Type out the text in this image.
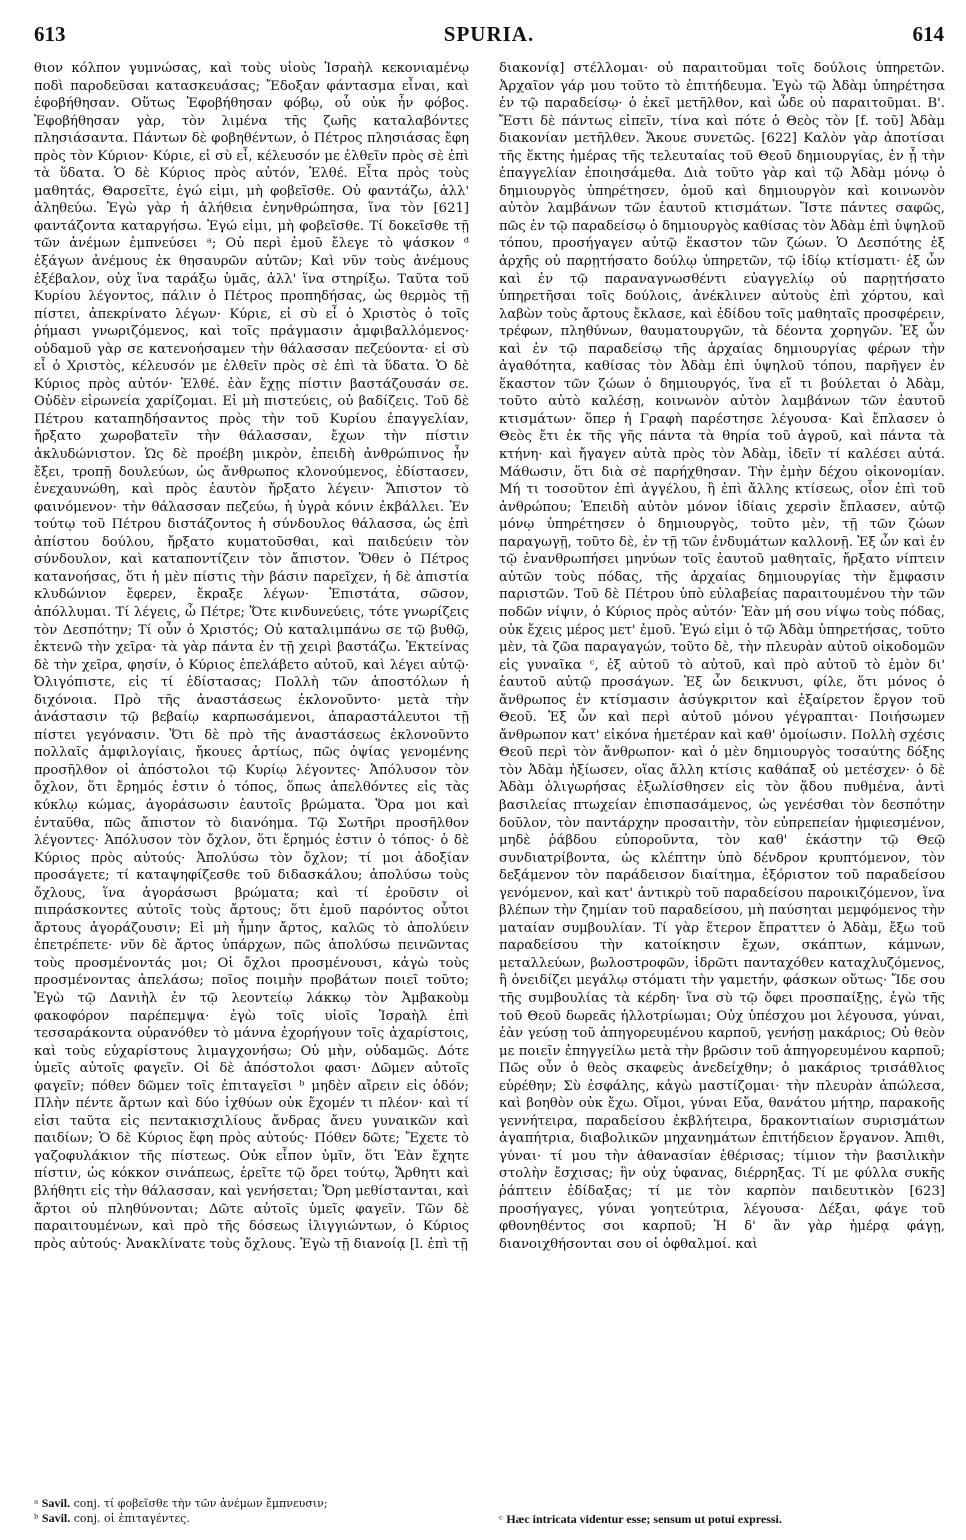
613	SPURIA.	614

θιον κόλπον γυμνώσας, καὶ τοὺς υἱοὺς Ἰσραὴλ κεκονιαμένῳ ποδὶ παροδεῦσαι κατασκευάσας; Ἔδοξαν φάντασμα εἶναι, καὶ ἐφοβήθησαν. Οὕτως Ἐφοβήθησαν φόβῳ, οὗ οὐκ ἦν φόβος. Ἐφοβήθησαν γὰρ, τὸν λιμένα τῆς ζωῆς καταλαβόντες πλησιάσαντα. Πάντων δὲ φοβηθέντων, ὁ Πέτρος πλησιάσας ἔφη πρὸς τὸν Κύριον· Κύριε, εἰ σὺ εἶ, κέλευσόν με ἐλθεῖν πρὸς σὲ ἐπὶ τὰ ὕδατα. Ὁ δὲ Κύριος πρὸς αὐτόν, Ἐλθέ. Εἶτα πρὸς τοὺς μαθητάς, Θαρσεῖτε, ἐγώ εἰμι, μὴ φοβεῖσθε. Οὐ φαντάζω, ἀλλ' ἀληθεύω. Ἐγὼ γὰρ ἡ ἀλήθεια ἐνηνθρώπησα, ἵνα τὸν [621] φαντάζοντα καταργήσω. Ἐγώ εἰμι, μὴ φοβεῖσθε. Τί δοκεῖσθε τῇ τῶν ἀνέμων ἐμπνεύσει ᵃ; Οὐ περὶ ἐμοῦ ἔλεγε τὸ ψάσκον ᵈ ἐξάγων ἀνέμους ἐκ θησαυρῶν αὐτῶν; Καὶ νῦν τοὺς ἀνέμους ἐξέβαλον, οὐχ ἵνα ταράξω ὑμᾶς, ἀλλ' ἵνα στηρίξω. Ταῦτα τοῦ Κυρίου λέγοντος, πάλιν ὁ Πέτρος προπηδήσας, ὡς θερμὸς τῇ πίστει, ἀπεκρίνατο λέγων· Κύριε, εἰ σὺ εἶ ὁ Χριστὸς ὁ τοῖς ῥήμασι γνωριζόμενος, καὶ τοῖς πράγμασιν ἀμφιβαλλόμενος· οὐδαμοῦ γὰρ σε κατενοήσαμεν τὴν θάλασσαν πεζεύοντα· εἰ σὺ εἶ ὁ Χριστὸς, κέλευσόν με ἐλθεῖν πρὸς σὲ ἐπὶ τὰ ὕδατα. Ὁ δὲ Κύριος πρὸς αὐτόν· Ἐλθέ. ἐὰν ἔχῃς πίστιν βαστάζουσάν σε. Οὐδὲν εἰρωνεία χαρίζομαι. Εἰ μὴ πιστεύεις, οὐ βαδίζεις. Τοῦ δὲ Πέτρου καταπηδήσαντος πρὸς τὴν τοῦ Κυρίου ἐπαγγελίαν, ἤρξατο χωροβατεῖν τὴν θάλασσαν, ἔχων τὴν πίστιν ἀκλυδώνιστον. Ὡς δὲ προέβη μικρὸν, ἐπειδὴ ἀνθρώπινος ἦν ἔξει, τροπῇ δουλεύων, ὡς ἄνθρωπος κλονούμενος, ἐδίστασεν, ἐνεχαυνώθη, καὶ πρὸς ἑαυτὸν ἤρξατο λέγειν· Ἄπιστον τὸ φαινόμενον· τὴν θάλασσαν πεζεύω, ἡ ὑγρὰ κόνιν ἐκβάλλει. Ἐν τούτῳ τοῦ Πέτρου διστάζοντος ἡ σύνδουλος θάλασσα, ὡς ἐπὶ ἀπίστου δούλου, ἤρξατο κυματοῦσθαι, καὶ παιδεύειν τὸν σύνδουλον, καὶ καταποντίζειν τὸν ἄπιστον. Ὅθεν ὁ Πέτρος κατανοήσας, ὅτι ἡ μὲν πίστις τὴν βάσιν παρεῖχεν, ἡ δὲ ἀπιστία κλυδώνιον ἔφερεν, ἔκραξε λέγων· Ἐπιστάτα, σῶσον, ἀπόλλυμαι. Τί λέγεις, ὦ Πέτρε; Ὅτε κινδυνεύεις, τότε γνωρίζεις τὸν Δεσπότην; Τί οὖν ὁ Χριστός; Οὐ καταλιμπάνω σε τῷ βυθῷ, ἐκτενῶ τὴν χεῖρα· τὰ γὰρ πάντα ἐν τῇ χειρὶ βαστάζω. Ἐκτείνας δὲ τὴν χεῖρα, φησίν, ὁ Κύριος ἐπελάβετο αὐτοῦ, καὶ λέγει αὐτῷ· Ὀλιγόπιστε, εἰς τί ἐδίστασας; Πολλὴ τῶν ἀποστόλων ἡ διχόνοια. Πρὸ τῆς ἀναστάσεως ἐκλονοῦντο· μετὰ τὴν ἀνάστασιν τῷ βεβαίῳ καρπωσάμενοι, ἀπαραστάλευτοι τῇ πίστει γεγόνασιν. Ὅτι δὲ πρὸ τῆς ἀναστάσεως ἐκλονοῦντο πολλαῖς ἀμφιλογίαις, ἤκουες ἀρτίως, πῶς ὀψίας γενομένης προσῆλθον οἱ ἀπόστολοι τῷ Κυρίῳ λέγοντες· Ἀπόλυσον τὸν ὄχλον, ὅτι ἔρημός ἐστιν ὁ τόπος, ὅπως ἀπελθόντες εἰς τὰς κύκλῳ κώμας, ἀγοράσωσιν ἑαυτοῖς βρώματα. Ὅρα μοι καὶ ἐνταῦθα, πῶς ἄπιστον τὸ διανόημα. Τῷ Σωτῆρι προσῆλθον λέγοντες· Ἀπόλυσον τὸν ὄχλον, ὅτι ἔρημός ἐστιν ὁ τόπος· ὁ δὲ Κύριος πρὸς αὐτούς· Ἀπολύσω τὸν ὄχλον; τί μοι ἀδοξίαν προσάγετε; τί καταψηφίζεσθε τοῦ διδασκάλου; ἀπολύσω τοὺς ὄχλους, ἵνα ἀγοράσωσι βρώματα; καὶ τί ἐροῦσιν οἱ πιπράσκοντες αὐτοῖς τοὺς ἄρτους; ὅτι ἐμοῦ παρόντος οὗτοι ἄρτους ἀγοράζουσιν; Εἰ μὴ ἦμην ἄρτος, καλῶς τὸ ἀπολύειν ἐπετρέπετε· νῦν δὲ ἄρτος ὑπάρχων, πῶς ἀπολύσω πεινῶντας τοὺς προσμένοντάς μοι; Οἱ ὄχλοι προσμένουσι, κἀγὼ τοὺς προσμένοντας ἀπελάσω; ποῖος ποιμὴν προβάτων ποιεῖ τοῦτο; Ἐγὼ τῷ Δανιὴλ ἐν τῷ λεοντείῳ λάκκῳ τὸν Ἀμβακοὺμ φακοφόρον παρέπεμψα· ἐγὼ τοῖς υἱοῖς Ἰσραὴλ ἐπὶ τεσσαράκοντα οὐρανόθεν τὸ μάννα ἐχορήγουν τοῖς ἀχαρίστοις, καὶ τοὺς εὐχαρίστους λιμαγχονήσω; Οὐ μὴν, οὐδαμῶς. Δότε ὑμεῖς αὐτοῖς φαγεῖν. Οἱ δὲ ἀπόστολοι φασι· Δῶμεν αὐτοῖς φαγεῖν; πόθεν δῶμεν τοῖς ἐπιταγεῖσι ᵇ μηδὲν αἴρειν εἰς ὁδόν; Πλὴν πέντε ἄρτων καὶ δύο ἰχθύων οὐκ ἔχομέν τι πλέον· καὶ τί εἰσι ταῦτα εἰς πεντακισχιλίους ἄνδρας ἄνευ γυναικῶν καὶ παιδίων; Ὁ δὲ Κύριος ἔφη πρὸς αὐτούς· Πόθεν δῶτε; Ἔχετε τὸ γαζοφυλάκιον τῆς πίστεως. Οὐκ εἶπον ὑμῖν, ὅτι Ἐὰν ἔχητε πίστιν, ὡς κόκκον σινάπεως, ἐρεῖτε τῷ ὄρει τούτῳ, Ἄρθητι καὶ βλήθητι εἰς τὴν θάλασσαν, καὶ γενήσεται; Ὅρη μεθίστανται, καὶ ἄρτοι οὐ πληθύνονται; Δῶτε αὐτοῖς ὑμεῖς φαγεῖν. Τῶν δὲ παραιτουμένων, καὶ πρὸ τῆς δόσεως ἰλιγγιώντων, ὁ Κύριος πρὸς αὐτούς· Ἀνακλίνατε τοὺς ὄχλους. Ἐγὼ τῇ διανοίᾳ [l. ἐπὶ τῇ

διακονίᾳ] στέλλομαι· οὐ παραιτοῦμαι τοῖς δούλοις ὑπηρετῶν. Ἀρχαῖον γάρ μου τοῦτο τὸ ἐπιτήδευμα. Ἐγὼ τῷ Ἀδὰμ ὑπηρέτησα ἐν τῷ παραδείσῳ· ὁ ἐκεῖ μετῆλθον, καὶ ὧδε οὐ παραιτοῦμαι. Β'. Ἔστι δὲ πάντως εἰπεῖν, τίνα καὶ πότε ὁ Θεὸς τὸν [f. τοῦ] Ἀδὰμ διακονίαν μετῆλθεν. Ἄκουε συνετῶς. [622] Καλὸν γὰρ ἀποτίσαι τῆς ἕκτης ἡμέρας τῆς τελευταίας τοῦ Θεοῦ δημιουργίας, ἐν ᾗ τὴν ἐπαγγελίαν ἐποιησάμεθα. Διὰ τοῦτο γὰρ καὶ τῷ Ἀδὰμ μόνῳ ὁ δημιουργὸς ὑπηρέτησεν, ὁμοῦ καὶ δημιουργὸν καὶ κοινωνὸν αὐτὸν λαμβάνων τῶν ἑαυτοῦ κτισμάτων. Ἴστε πάντες σαφῶς, πῶς ἐν τῷ παραδείσῳ ὁ δημιουργὸς καθίσας τὸν Ἀδὰμ ἐπὶ ὑψηλοῦ τόπου, προσήγαγεν αὐτῷ ἕκαστον τῶν ζώων. Ὁ Δεσπότης ἐξ ἀρχῆς οὐ παρῃτήσατο δούλῳ ὑπηρετῶν, τῷ ἰδίῳ κτίσματι· ἐξ ὧν καὶ ἐν τῷ παραναγνωσθέντι εὐαγγελίῳ οὐ παρῃτήσατο ὑπηρετῆσαι τοῖς δούλοις, ἀνέκλινεν αὐτοὺς ἐπὶ χόρτου, καὶ λαβὼν τοὺς ἄρτους ἔκλασε, καὶ ἐδίδου τοῖς μαθηταῖς προσφέρειν, τρέφων, πληθύνων, θαυματουργῶν, τὰ δέοντα χορηγῶν. Ἐξ ὧν καὶ ἐν τῷ παραδείσῳ τῆς ἀρχαίας δημιουργίας φέρων τὴν ἀγαθότητα, καθίσας τὸν Ἀδὰμ ἐπὶ ὑψηλοῦ τόπου, παρῆγεν ἐν ἕκαστον τῶν ζώων ὁ δημιουργός, ἵνα εἴ τι βούλεται ὁ Ἀδὰμ, τοῦτο αὐτὸ καλέσῃ, κοινωνὸν αὐτὸν λαμβάνων τῶν ἑαυτοῦ κτισμάτων· ὅπερ ἡ Γραφὴ παρέστησε λέγουσα· Καὶ ἔπλασεν ὁ Θεὸς ἔτι ἐκ τῆς γῆς πάντα τὰ θηρία τοῦ ἀγροῦ, καὶ πάντα τὰ κτήνη· καὶ ἤγαγεν αὐτὰ πρὸς τὸν Ἀδὰμ, ἰδεῖν τί καλέσει αὐτά. Μάθωσιν, ὅτι διὰ σὲ παρήχθησαν. Τὴν ἐμὴν δέχου οἰκονομίαν. Μή τι τοσοῦτον ἐπὶ ἀγγέλου, ἢ ἐπὶ ἄλλης κτίσεως, οἷον ἐπὶ τοῦ ἀνθρώπου; Ἐπειδὴ αὐτὸν μόνον ἰδίαις χερσὶν ἔπλασεν, αὐτῷ μόνῳ ὑπηρέτησεν ὁ δημιουργὸς, τοῦτο μὲν, τῇ τῶν ζώων παραγωγῇ, τοῦτο δὲ, ἐν τῇ τῶν ἐνδυμάτων καλλονῇ. Ἐξ ὧν καὶ ἐν τῷ ἐνανθρωπήσει μηνύων τοῖς ἑαυτοῦ μαθηταῖς, ἤρξατο νίπτειν αὐτῶν τοὺς πόδας, τῆς ἀρχαίας δημιουργίας τὴν ἔμφασιν παριστῶν. Τοῦ δὲ Πέτρου ὑπὸ εὐλαβείας παραιτουμένου τὴν τῶν ποδῶν νίψιν, ὁ Κύριος πρὸς αὐτόν· Ἐὰν μή σου νίψω τοὺς πόδας, οὐκ ἔχεις μέρος μετ' ἐμοῦ. Ἐγώ εἰμι ὁ τῷ Ἀδὰμ ὑπηρετήσας, τοῦτο μὲν, τὰ ζῶα παραγαγών, τοῦτο δὲ, τὴν πλευρὰν αὐτοῦ οἰκοδομῶν εἰς γυναῖκα ᶜ, ἐξ αὐτοῦ τὸ αὐτοῦ, καὶ πρὸ αὐτοῦ τὸ ἐμὸν δι' ἑαυτοῦ αὐτῷ προσάγων. Ἐξ ὧν δεικνυσι, φίλε, ὅτι μόνος ὁ ἄνθρωπος ἐν κτίσμασιν ἀσύγκριτον καὶ ἐξαίρετον ἔργον τοῦ Θεοῦ. Ἐξ ὧν καὶ περὶ αὐτοῦ μόνου γέγραπται· Ποιήσωμεν ἄνθρωπον κατ' εἰκόνα ἡμετέραν καὶ καθ' ὁμοίωσιν. Πολλὴ σχέσις Θεοῦ περὶ τὸν ἄνθρωπον· καὶ ὁ μὲν δημιουργὸς τοσαύτης δόξης τὸν Ἀδὰμ ἠξίωσεν, οἵας ἄλλη κτίσις καθάπαξ οὐ μετέσχεν· ὁ δὲ Ἀδὰμ ὀλιγωρήσας ἐξωλίσθησεν εἰς τὸν ᾅδου πυθμένα, ἀντὶ βασιλείας πτωχείαν ἐπισπασάμενος, ὡς γενέσθαι τὸν δεσπότην δοῦλον, τὸν παντάρχην προσαιτὴν, τὸν εὐπρεπείαν ἠμφιεσμένον, μηδὲ ῥάβδου εὐποροῦντα, τὸν καθ' ἑκάστην τῷ Θεῷ συνδιατρίβοντα, ὡς κλέπτην ὑπὸ δένδρον κρυπτόμενον, τὸν δεξάμενον τὸν παράδεισον διαίτημα, ἐξόριστον τοῦ παραδείσου γενόμενον, καὶ κατ' ἀντικρὺ τοῦ παραδείσου παροικιζόμενον, ἵνα βλέπων τὴν ζημίαν τοῦ παραδείσου, μὴ παύσηται μεμφόμενος τὴν ματαίαν συμβουλίαν. Τί γὰρ ἕτερον ἔπραττεν ὁ Ἀδὰμ, ἔξω τοῦ παραδείσου τὴν κατοίκησιν ἔχων, σκάπτων, κάμνων, μεταλλεύων, βωλοστροφῶν, ἱδρῶτι πανταχόθεν καταχλυζόμενος, ἢ ὀνειδίζει μεγάλῳ στόματι τὴν γαμετήν, φάσκων οὕτως· Ἴδε σου τῆς συμβουλίας τὰ κέρδη· ἵνα σὺ τῷ ὄφει προσπαίξῃς, ἐγὼ τῆς τοῦ Θεοῦ δωρεᾶς ἠλλοτρίωμαι; Οὐχ ὑπέσχου μοι λέγουσα, γύναι, ἐὰν γεύσῃ τοῦ ἀπηγορευμένου καρποῦ, γενήσῃ μακάριος; Οὐ θεὸν με ποιεῖν ἐπηγγείλω μετὰ τὴν βρῶσιν τοῦ ἀπηγορευμένου καρποῦ; Πῶς οὖν ὁ θεὸς σκαφεὺς ἀνεδείχθην; ὁ μακάριος τρισάθλιος εὑρέθην; Σὺ ἐσφάλης, κἀγὼ μαστίζομαι· τὴν πλευρὰν ἀπώλεσα, καὶ βοηθὸν οὐκ ἔχω. Οἴμοι, γύναι Εὔα, θανάτου μήτηρ, παρακοῆς γεννήτειρα, παραδείσου ἐκβλήτειρα, δρακοντιαίων συρισμάτων ἀγαπήτρια, διαβολικῶν μηχανημάτων ἐπιτήδειον ἔργανον. Ἀπιθι, γύναι· τί μου τὴν ἀθανασίαν ἐθέρισας; τίμιον τὴν βασιλικὴν στολὴν ἔσχισας; ἣν οὐχ ὑφανας, διέρρηξας. Τί με φύλλα συκῆς ῥάπτειν ἐδίδαξας; τί με τὸν καρπὸν παιδευτικὸν [623] προσήγαγες, γύναι γοητεύτρια, λέγουσα· Δέξαι, φάγε τοῦ φθονηθέντος σοι καρποῦ; Ἡ δ' ἂν γὰρ ἡμέρᾳ φάγῃ, διανοιχθήσονται σου οἱ ὀφθαλμοί. καὶ

ᵃ Savil. conj. τί φοβεῖσθε τὴν τῶν ἀνέμων ἔμπνευσιν;
ᵇ Savil. conj. οἱ ἐπιταγέντες.	ᶜ Hæc intricata videntur esse; sensum ut potui expressi.
